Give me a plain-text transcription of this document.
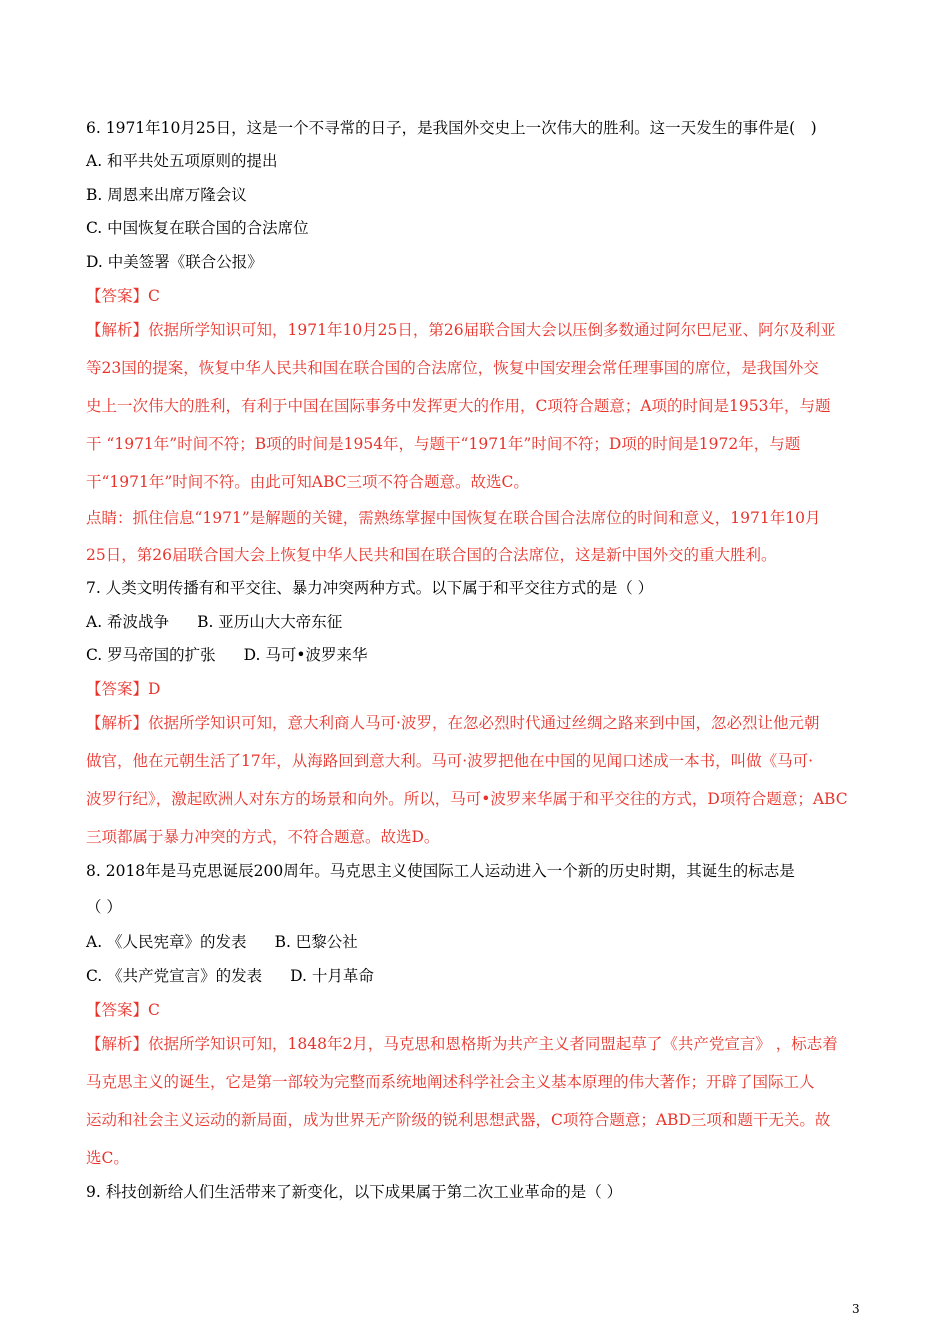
6. 1971年10月25日，这是一个不寻常的日子，是我国外交史上一次伟大的胜利。这一天发生的事件是(　)
A. 和平共处五项原则的提出
B. 周恩来出席万隆会议
C. 中国恢复在联合国的合法席位
D. 中美签署《联合公报》
【答案】C
【解析】依据所学知识可知，1971年10月25日，第26届联合国大会以压倒多数通过阿尔巴尼亚、阿尔及利亚
等23国的提案，恢复中华人民共和国在联合国的合法席位，恢复中国安理会常任理事国的席位，是我国外交
史上一次伟大的胜利，有利于中国在国际事务中发挥更大的作用，C项符合题意；A项的时间是1953年，与题
干 “1971年”时间不符；B项的时间是1954年，与题干“1971年”时间不符；D项的时间是1972年，与题
干“1971年”时间不符。由此可知ABC三项不符合题意。故选C。
点睛：抓住信息“1971”是解题的关键，需熟练掌握中国恢复在联合国合法席位的时间和意义，1971年10月
25日，第26届联合国大会上恢复中华人民共和国在联合国的合法席位，这是新中国外交的重大胜利。
7. 人类文明传播有和平交往、暴力冲突两种方式。以下属于和平交往方式的是（ ）
A. 希波战争 B. 亚历山大大帝东征
C. 罗马帝国的扩张 D. 马可•波罗来华
【答案】D
【解析】依据所学知识可知，意大利商人马可·波罗，在忽必烈时代通过丝绸之路来到中国，忽必烈让他元朝
做官，他在元朝生活了17年，从海路回到意大利。马可·波罗把他在中国的见闻口述成一本书，叫做《马可·
波罗行纪》，激起欧洲人对东方的场景和向外。所以，马可•波罗来华属于和平交往的方式，D项符合题意；ABC
三项都属于暴力冲突的方式，不符合题意。故选D。
8. 2018年是马克思诞辰200周年。马克思主义使国际工人运动进入一个新的历史时期，其诞生的标志是
（ ）
A. 《人民宪章》的发表 B. 巴黎公社
C. 《共产党宣言》的发表 D. 十月革命
【答案】C
【解析】依据所学知识可知，1848年2月，马克思和恩格斯为共产主义者同盟起草了《共产党宣言》 ，标志着
马克思主义的诞生，它是第一部较为完整而系统地阐述科学社会主义基本原理的伟大著作；开辟了国际工人
运动和社会主义运动的新局面，成为世界无产阶级的锐利思想武器，C项符合题意；ABD三项和题干无关。故
选C。
9. 科技创新给人们生活带来了新变化，以下成果属于第二次工业革命的是（ ）
3
